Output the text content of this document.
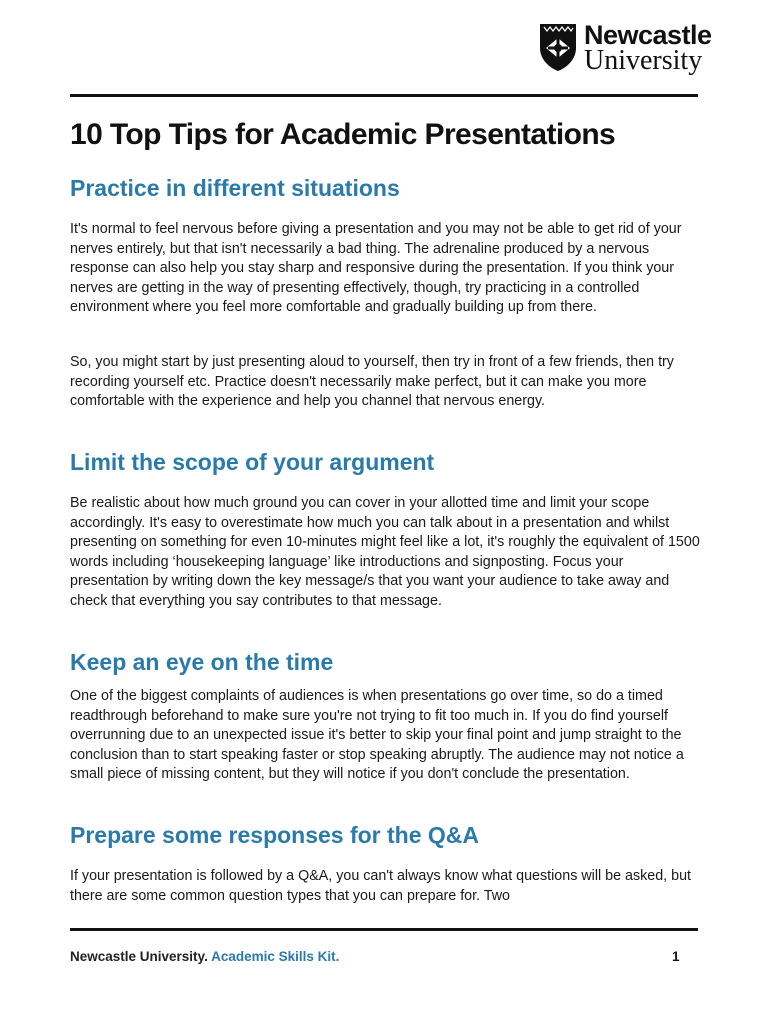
Newcastle
University
10 Top Tips for Academic Presentations
Practice in different situations

It's normal to feel nervous before giving a presentation and you may not be able to get rid of your nerves entirely, but that isn't necessarily a bad thing. The adrenaline produced by a nervous response can also help you stay sharp and responsive during the presentation. If you think your nerves are getting in the way of presenting effectively, though, try practicing in a controlled environment where you feel more comfortable and gradually building up from there.

So, you might start by just presenting aloud to yourself, then try in front of a few friends, then try recording yourself etc. Practice doesn't necessarily make perfect, but it can make you more comfortable with the experience and help you channel that nervous energy.

Limit the scope of your argument

Be realistic about how much ground you can cover in your allotted time and limit your scope accordingly. It's easy to overestimate how much you can talk about in a presentation and whilst presenting on something for even 10-minutes might feel like a lot, it's roughly the equivalent of 1500 words including ‘housekeeping language’ like introductions and signposting. Focus your presentation by writing down the key message/s that you want your audience to take away and check that everything you say contributes to that message.

Keep an eye on the time

One of the biggest complaints of audiences is when presentations go over time, so do a timed readthrough beforehand to make sure you're not trying to fit too much in. If you do find yourself overrunning due to an unexpected issue it's better to skip your final point and jump straight to the conclusion than to start speaking faster or stop speaking abruptly. The audience may not notice a small piece of missing content, but they will notice if you don't conclude the presentation.

Prepare some responses for the Q&A

If your presentation is followed by a Q&A, you can't always know what questions will be asked, but there are some common question types that you can prepare for. Two

Newcastle University. Academic Skills Kit.	1
